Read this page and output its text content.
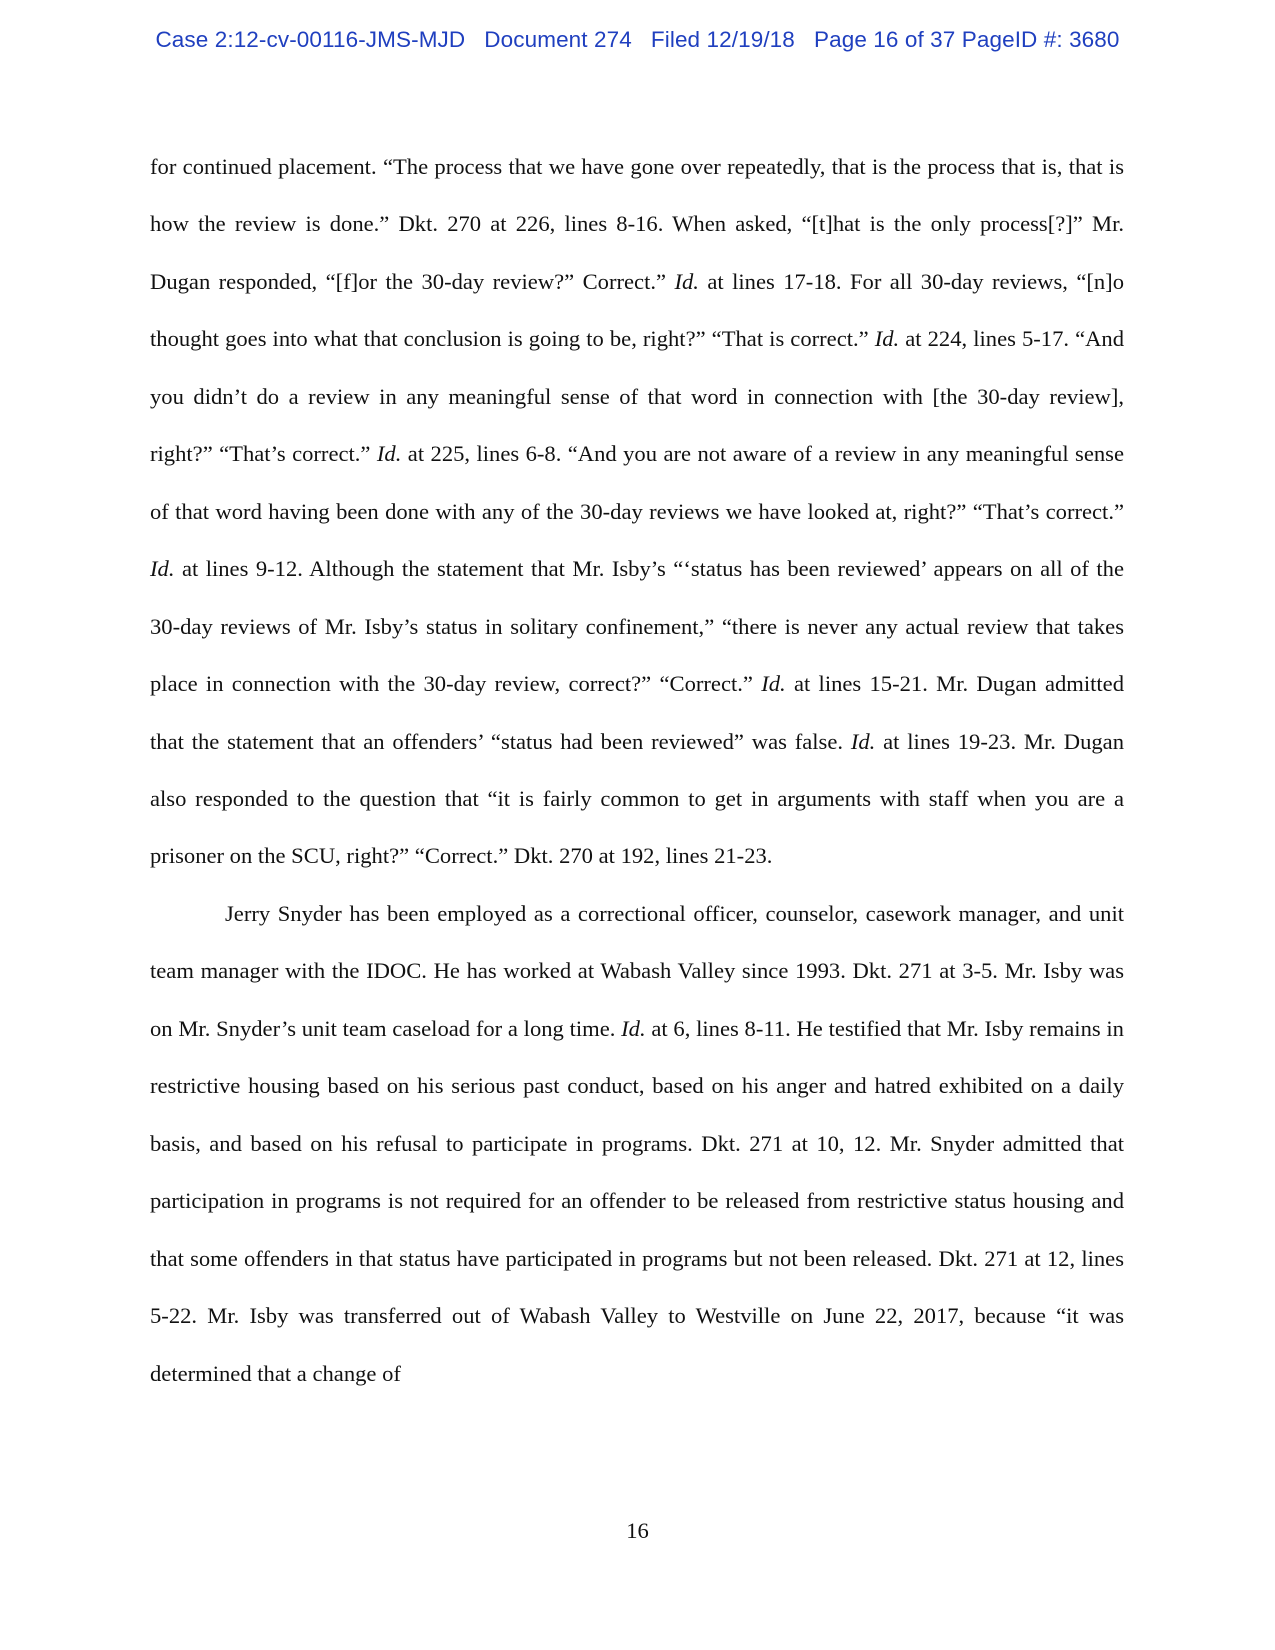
Case 2:12-cv-00116-JMS-MJD Document 274 Filed 12/19/18 Page 16 of 37 PageID #: 3680

for continued placement. “The process that we have gone over repeatedly, that is the process that is, that is how the review is done.” Dkt. 270 at 226, lines 8-16. When asked, “[t]hat is the only process[?]” Mr. Dugan responded, “[f]or the 30-day review?” Correct.” Id. at lines 17-18. For all 30-day reviews, “[n]o thought goes into what that conclusion is going to be, right?” “That is correct.” Id. at 224, lines 5-17. “And you didn’t do a review in any meaningful sense of that word in connection with [the 30-day review], right?” “That’s correct.” Id. at 225, lines 6-8. “And you are not aware of a review in any meaningful sense of that word having been done with any of the 30-day reviews we have looked at, right?” “That’s correct.” Id. at lines 9-12. Although the statement that Mr. Isby’s “‘status has been reviewed’ appears on all of the 30-day reviews of Mr. Isby’s status in solitary confinement,” “there is never any actual review that takes place in connection with the 30-day review, correct?” “Correct.” Id. at lines 15-21. Mr. Dugan admitted that the statement that an offenders’ “status had been reviewed” was false. Id. at lines 19-23. Mr. Dugan also responded to the question that “it is fairly common to get in arguments with staff when you are a prisoner on the SCU, right?” “Correct.” Dkt. 270 at 192, lines 21-23.

Jerry Snyder has been employed as a correctional officer, counselor, casework manager, and unit team manager with the IDOC. He has worked at Wabash Valley since 1993. Dkt. 271 at 3-5. Mr. Isby was on Mr. Snyder’s unit team caseload for a long time. Id. at 6, lines 8-11. He testified that Mr. Isby remains in restrictive housing based on his serious past conduct, based on his anger and hatred exhibited on a daily basis, and based on his refusal to participate in programs. Dkt. 271 at 10, 12. Mr. Snyder admitted that participation in programs is not required for an offender to be released from restrictive status housing and that some offenders in that status have participated in programs but not been released. Dkt. 271 at 12, lines 5-22. Mr. Isby was transferred out of Wabash Valley to Westville on June 22, 2017, because “it was determined that a change of

16
